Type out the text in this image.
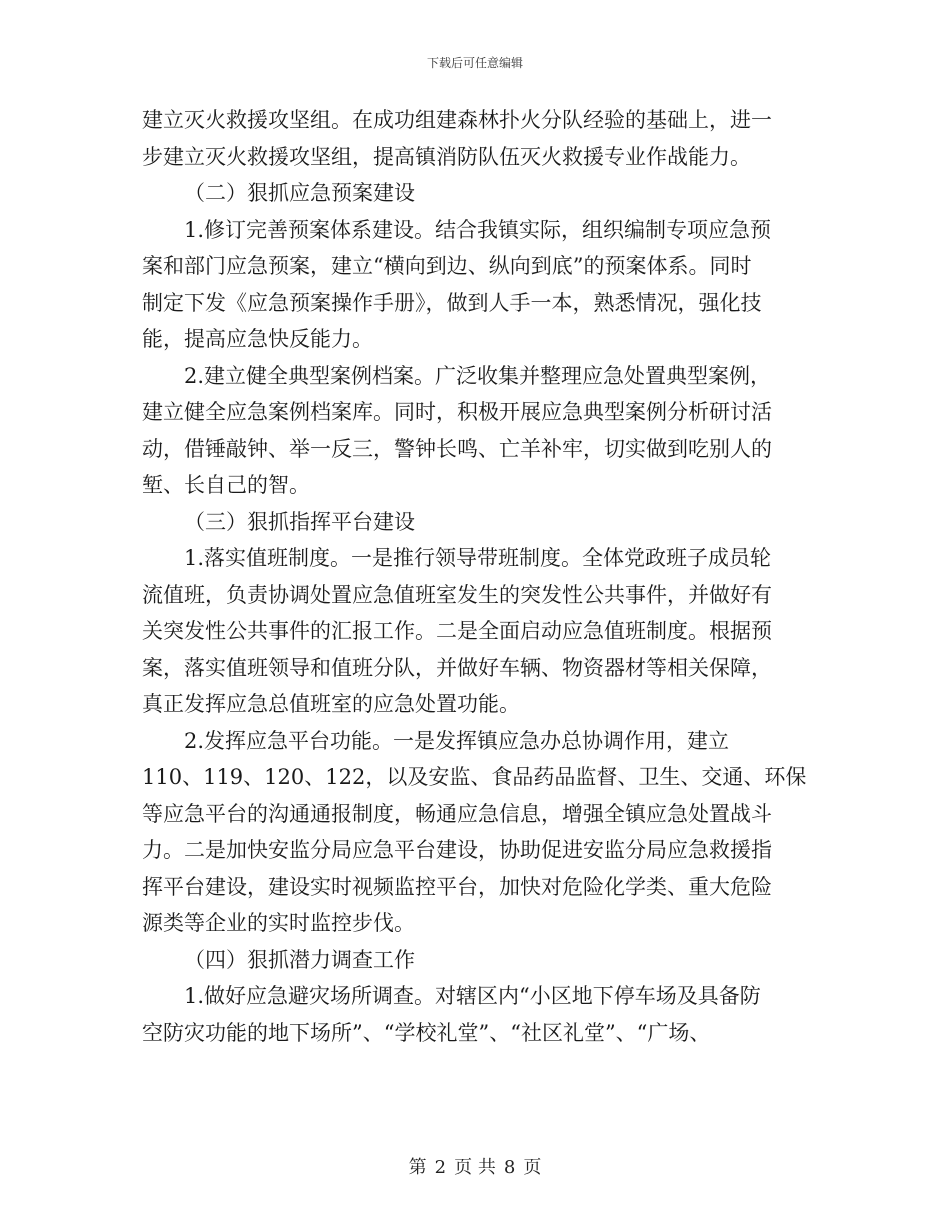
下载后可任意编辑

建立灭火救援攻坚组。在成功组建森林扑火分队经验的基础上，进一

步建立灭火救援攻坚组，提高镇消防队伍灭火救援专业作战能力。

（二）狠抓应急预案建设

1.修订完善预案体系建设。结合我镇实际，组织编制专项应急预

案和部门应急预案，建立“横向到边、纵向到底”的预案体系。同时

制定下发《应急预案操作手册》，做到人手一本，熟悉情况，强化技

能，提高应急快反能力。

2.建立健全典型案例档案。广泛收集并整理应急处置典型案例，

建立健全应急案例档案库。同时，积极开展应急典型案例分析研讨活

动，借锤敲钟、举一反三，警钟长鸣、亡羊补牢，切实做到吃别人的

堑、长自己的智。

（三）狠抓指挥平台建设

1.落实值班制度。一是推行领导带班制度。全体党政班子成员轮

流值班，负责协调处置应急值班室发生的突发性公共事件，并做好有

关突发性公共事件的汇报工作。二是全面启动应急值班制度。根据预

案，落实值班领导和值班分队，并做好车辆、物资器材等相关保障，

真正发挥应急总值班室的应急处置功能。

2.发挥应急平台功能。一是发挥镇应急办总协调作用，建立

110、119、120、122，以及安监、食品药品监督、卫生、交通、环保

等应急平台的沟通通报制度，畅通应急信息，增强全镇应急处置战斗

力。二是加快安监分局应急平台建设，协助促进安监分局应急救援指

挥平台建设，建设实时视频监控平台，加快对危险化学类、重大危险

源类等企业的实时监控步伐。

（四）狠抓潜力调查工作

1.做好应急避灾场所调查。对辖区内“小区地下停车场及具备防

空防灾功能的地下场所”、“学校礼堂”、“社区礼堂”、“广场、

第 2 页 共 8 页
